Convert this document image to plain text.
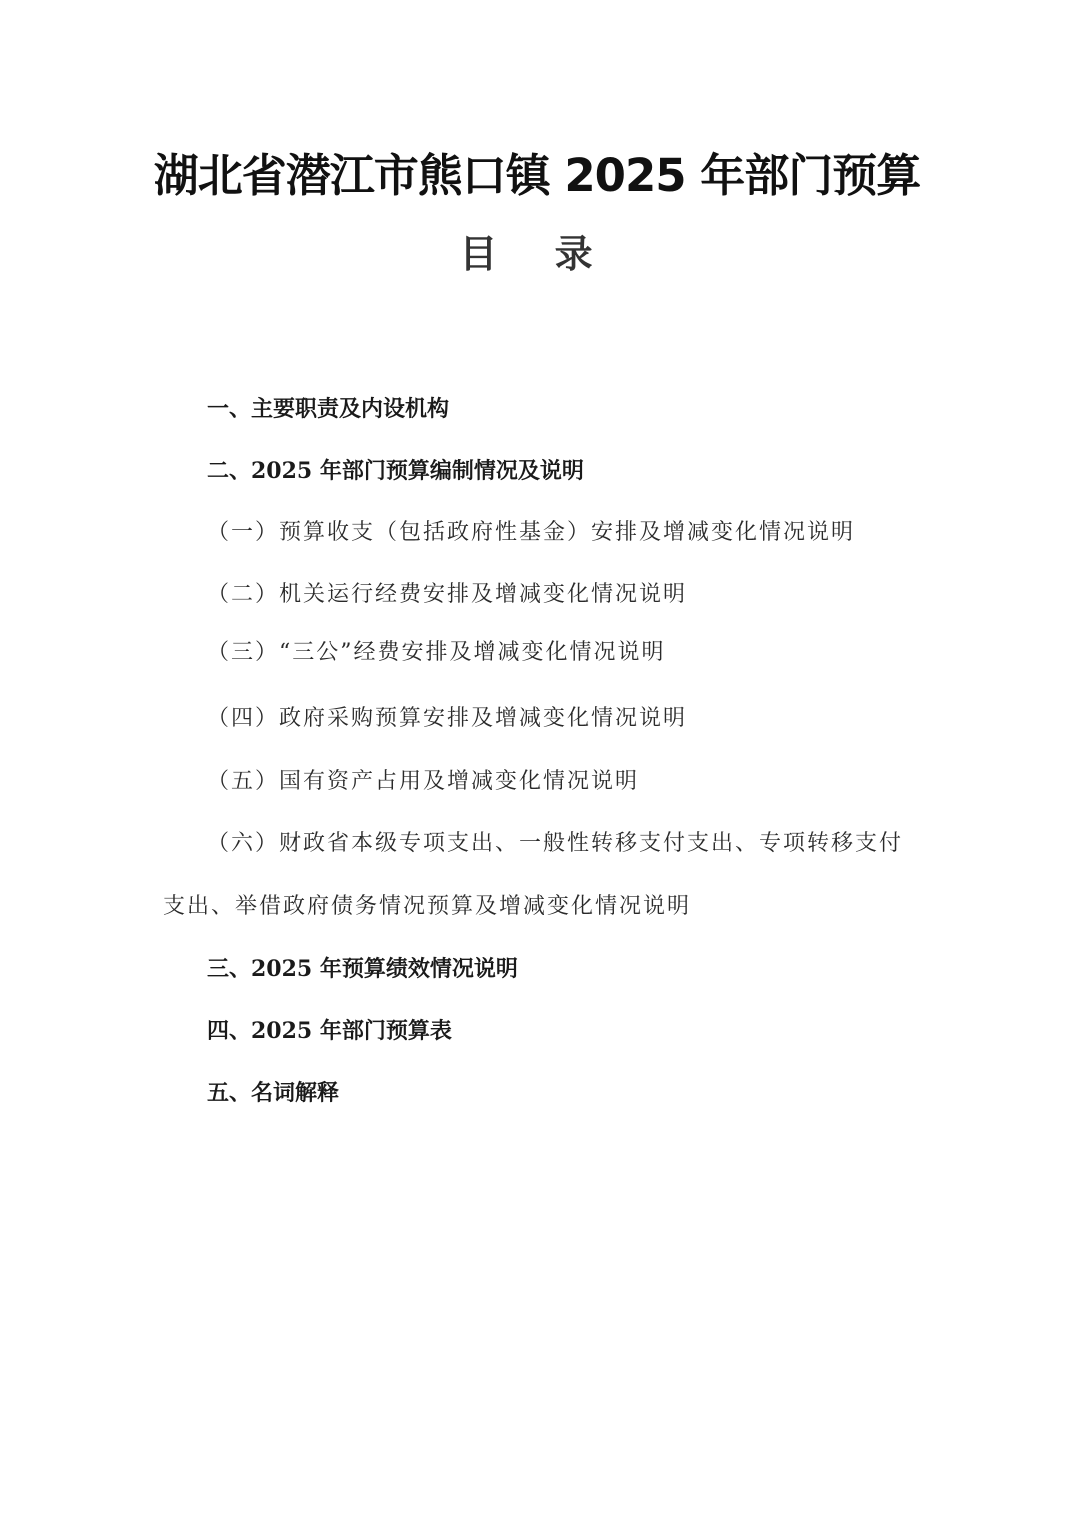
湖北省潜江市熊口镇 2025 年部门预算
目 录
一、主要职责及内设机构
二、2025 年部门预算编制情况及说明
（一）预算收支（包括政府性基金）安排及增减变化情况说明
（二）机关运行经费安排及增减变化情况说明
（三）“三公”经费安排及增减变化情况说明
（四）政府采购预算安排及增减变化情况说明
（五）国有资产占用及增减变化情况说明
（六）财政省本级专项支出、一般性转移支付支出、专项转移支付
支出、举借政府债务情况预算及增减变化情况说明
三、2025 年预算绩效情况说明
四、2025 年部门预算表
五、名词解释
